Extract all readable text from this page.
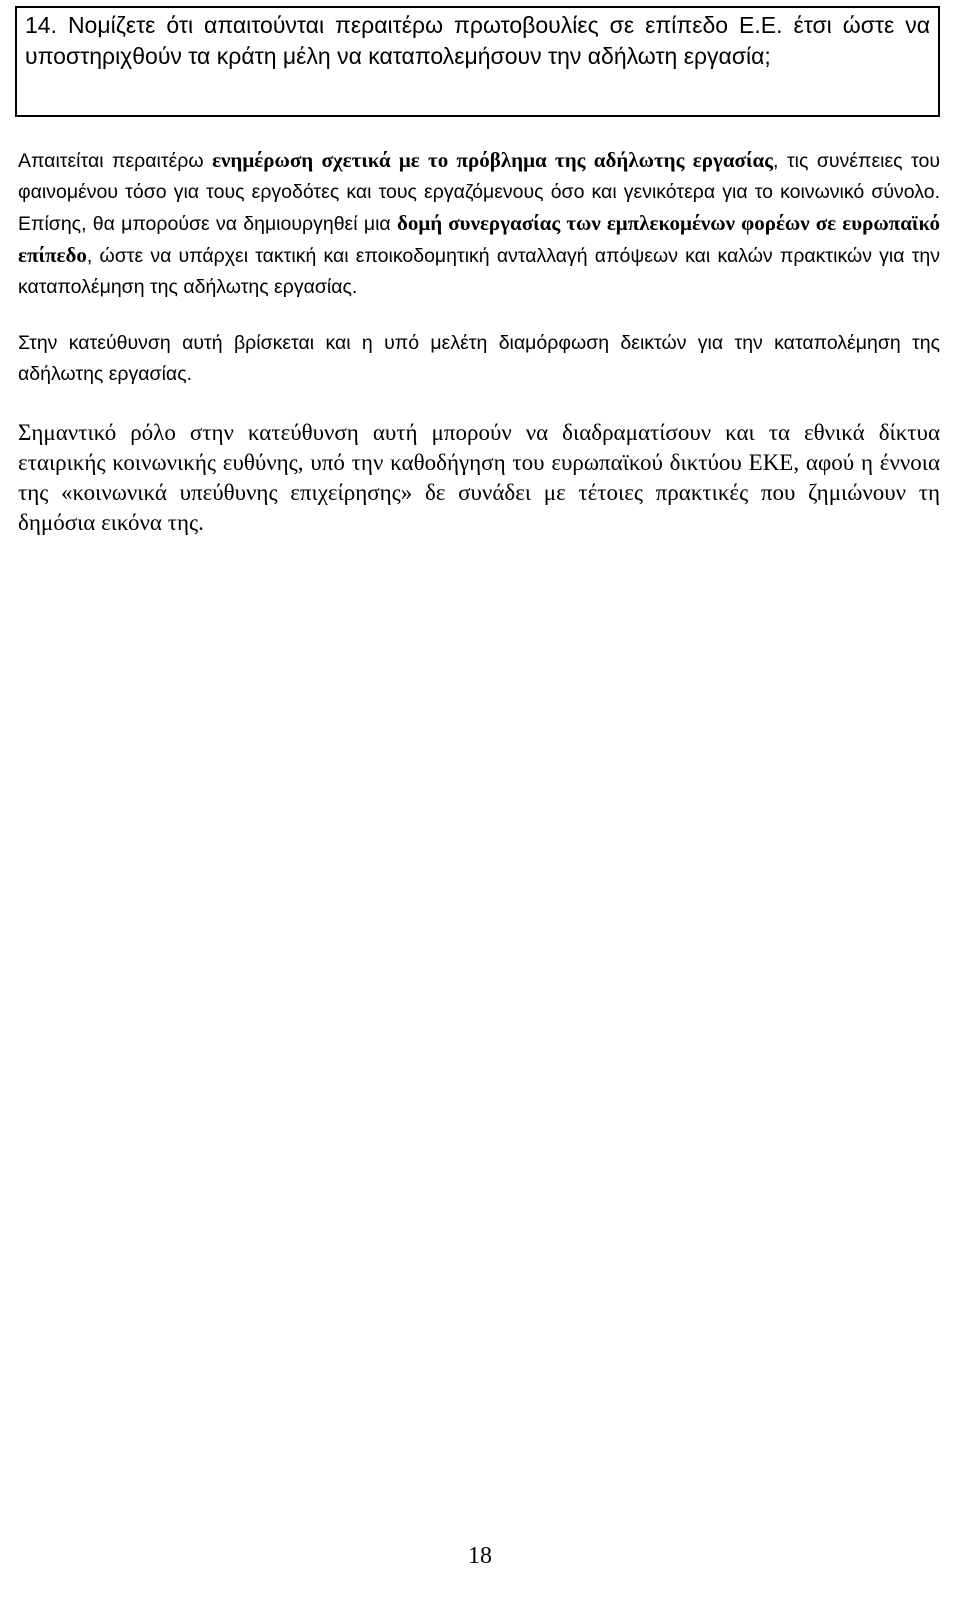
14. Νομίζετε ότι απαιτούνται περαιτέρω πρωτοβουλίες σε επίπεδο Ε.Ε. έτσι ώστε να υποστηριχθούν τα κράτη μέλη να καταπολεμήσουν την αδήλωτη εργασία;

Απαιτείται περαιτέρω ενημέρωση σχετικά με το πρόβλημα της αδήλωτης εργασίας, τις συνέπειες του φαινομένου τόσο για τους εργοδότες και τους εργαζόμενους όσο και γενικότερα για το κοινωνικό σύνολο. Επίσης, θα μπορούσε να δημιουργηθεί μια δομή συνεργασίας των εμπλεκομένων φορέων σε ευρωπαϊκό επίπεδο, ώστε να υπάρχει τακτική και εποικοδομητική ανταλλαγή απόψεων και καλών πρακτικών για την καταπολέμηση της αδήλωτης εργασίας.

Στην κατεύθυνση αυτή βρίσκεται και η υπό μελέτη διαμόρφωση δεικτών για την καταπολέμηση της αδήλωτης εργασίας.

Σημαντικό ρόλο στην κατεύθυνση αυτή μπορούν να διαδραματίσουν και τα εθνικά δίκτυα εταιρικής κοινωνικής ευθύνης, υπό την καθοδήγηση του ευρωπαϊκού δικτύου ΕΚΕ, αφού η έννοια της «κοινωνικά υπεύθυνης επιχείρησης» δε συνάδει με τέτοιες πρακτικές που ζημιώνουν τη δημόσια εικόνα της.

18
